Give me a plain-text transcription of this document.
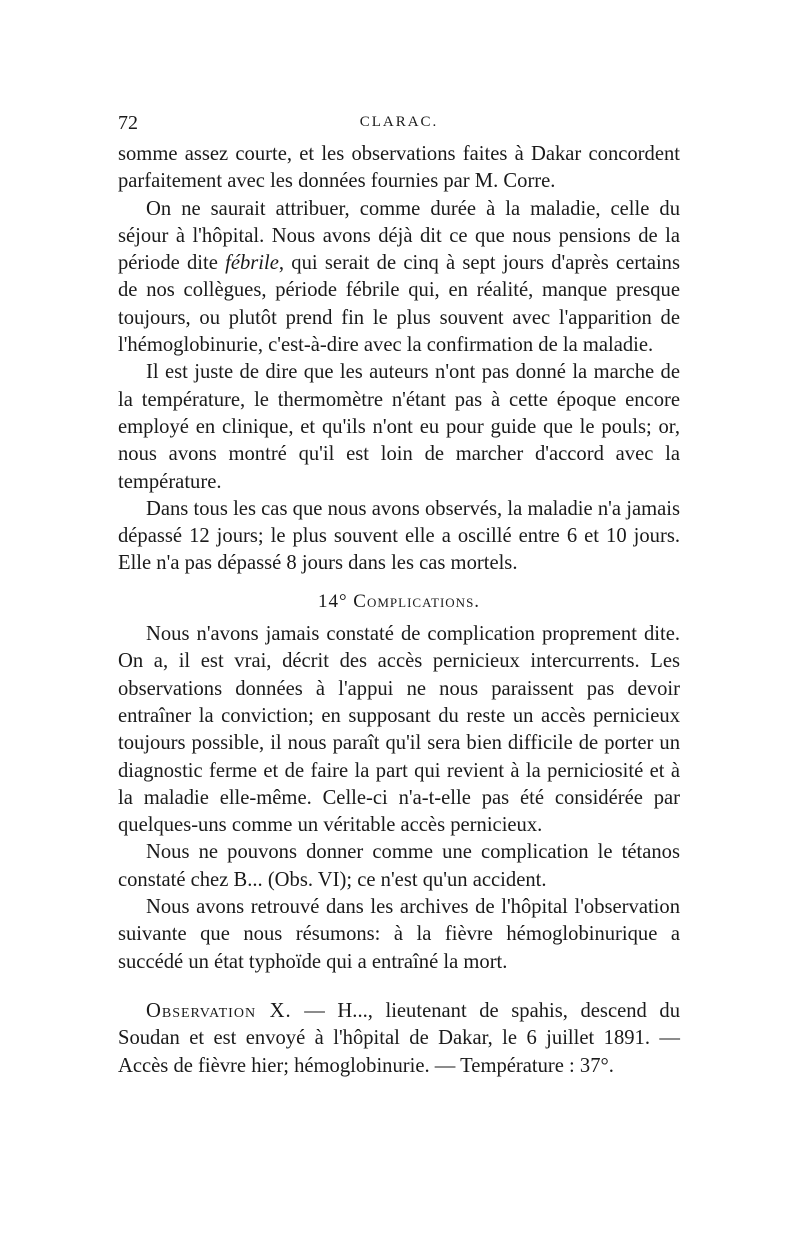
72	CLARAC.

somme assez courte, et les observations faites à Dakar concordent parfaitement avec les données fournies par M. Corre.

On ne saurait attribuer, comme durée à la maladie, celle du séjour à l'hôpital. Nous avons déjà dit ce que nous pensions de la période dite fébrile, qui serait de cinq à sept jours d'après certains de nos collègues, période fébrile qui, en réalité, manque presque toujours, ou plutôt prend fin le plus souvent avec l'apparition de l'hémoglobinurie, c'est-à-dire avec la confirmation de la maladie.

Il est juste de dire que les auteurs n'ont pas donné la marche de la température, le thermomètre n'étant pas à cette époque encore employé en clinique, et qu'ils n'ont eu pour guide que le pouls; or, nous avons montré qu'il est loin de marcher d'accord avec la température.

Dans tous les cas que nous avons observés, la maladie n'a jamais dépassé 12 jours; le plus souvent elle a oscillé entre 6 et 10 jours. Elle n'a pas dépassé 8 jours dans les cas mortels.

14° Complications.

Nous n'avons jamais constaté de complication proprement dite. On a, il est vrai, décrit des accès pernicieux intercurrents. Les observations données à l'appui ne nous paraissent pas devoir entraîner la conviction; en supposant du reste un accès pernicieux toujours possible, il nous paraît qu'il sera bien difficile de porter un diagnostic ferme et de faire la part qui revient à la perniciosité et à la maladie elle-même. Celle-ci n'a-t-elle pas été considérée par quelques-uns comme un véritable accès pernicieux.

Nous ne pouvons donner comme une complication le tétanos constaté chez B... (Obs. VI); ce n'est qu'un accident.

Nous avons retrouvé dans les archives de l'hôpital l'observation suivante que nous résumons: à la fièvre hémoglobinurique a succédé un état typhoïde qui a entraîné la mort.

Observation X. — H..., lieutenant de spahis, descend du Soudan et est envoyé à l'hôpital de Dakar, le 6 juillet 1891. — Accès de fièvre hier; hémoglobinurie. — Température : 37°.
